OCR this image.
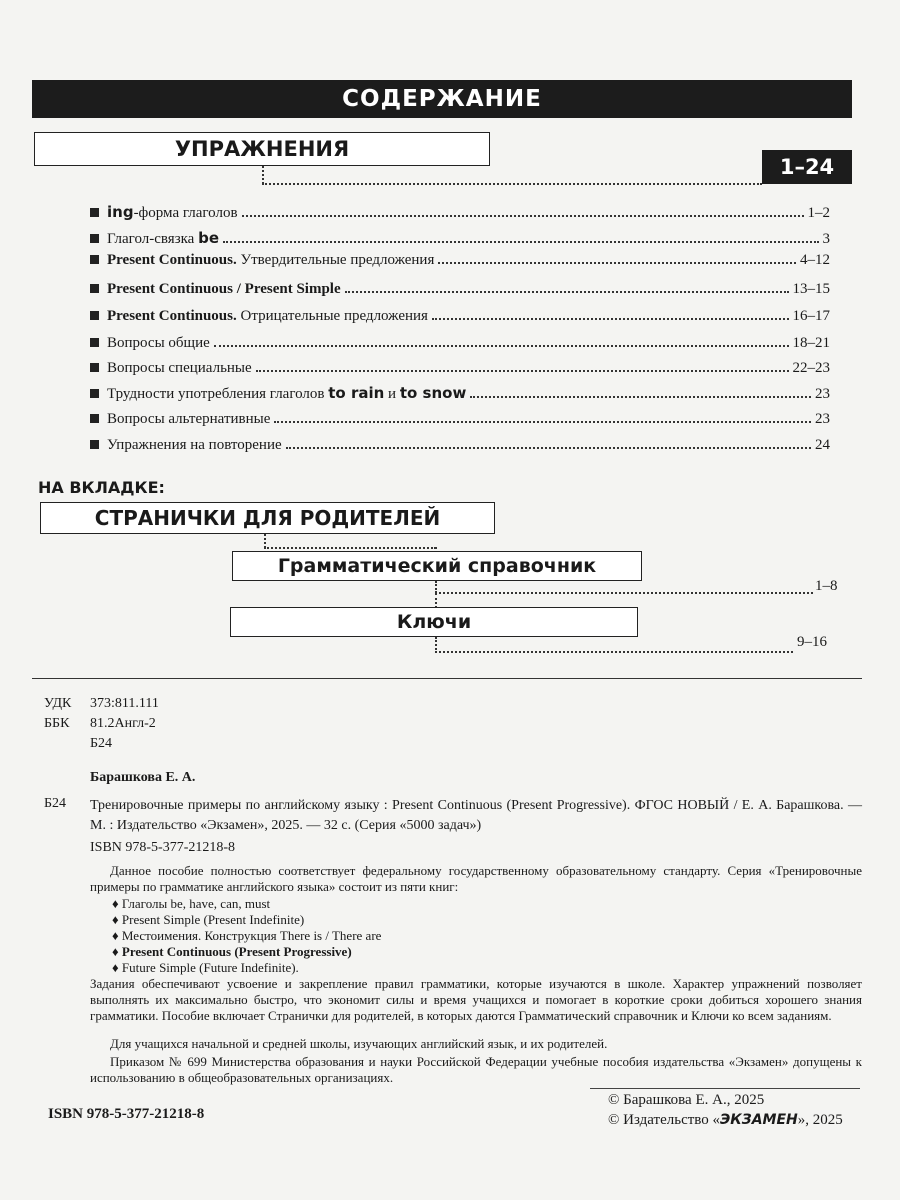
СОДЕРЖАНИЕ
УПРАЖНЕНИЯ
1–24
ing-форма глаголов	1–2
Глагол-связка be	3
Present Continuous. Утвердительные предложения	4–12
Present Continuous / Present Simple	13–15
Present Continuous. Отрицательные предложения	16–17
Вопросы общие	18–21
Вопросы специальные	22–23
Трудности употребления глаголов to rain и to snow	23
Вопросы альтернативные	23
Упражнения на повторение	24
НА ВКЛАДКЕ:
СТРАНИЧКИ ДЛЯ РОДИТЕЛЕЙ
Грамматический справочник
1–8
Ключи
9–16
УДК 373:811.111
ББК 81.2Англ-2
Б24
Барашкова Е. А.
Б24 Тренировочные примеры по английскому языку : Present Continuous (Present Progressive). ФГОС НОВЫЙ / Е. А. Барашкова. — М. : Издательство «Экзамен», 2025. — 32 с. (Серия «5000 задач»)
ISBN 978-5-377-21218-8
Данное пособие полностью соответствует федеральному государственному образовательному стандарту. Серия «Тренировочные примеры по грамматике английского языка» состоит из пяти книг:
♦ Глаголы be, have, can, must
♦ Present Simple (Present Indefinite)
♦ Местоимения. Конструкция There is / There are
♦ Present Continuous (Present Progressive)
♦ Future Simple (Future Indefinite).
Задания обеспечивают усвоение и закрепление правил грамматики, которые изучаются в школе. Характер упражнений позволяет выполнять их максимально быстро, что экономит силы и время учащихся и помогает в короткие сроки добиться хорошего знания грамматики. Пособие включает Странички для родителей, в которых даются Грамматический справочник и Ключи ко всем заданиям.
Для учащихся начальной и средней школы, изучающих английский язык, и их родителей.
Приказом № 699 Министерства образования и науки Российской Федерации учебные пособия издательства «Экзамен» допущены к использованию в общеобразовательных организациях.
ISBN 978-5-377-21218-8
© Барашкова Е. А., 2025
© Издательство «ЭКЗАМЕН», 2025
